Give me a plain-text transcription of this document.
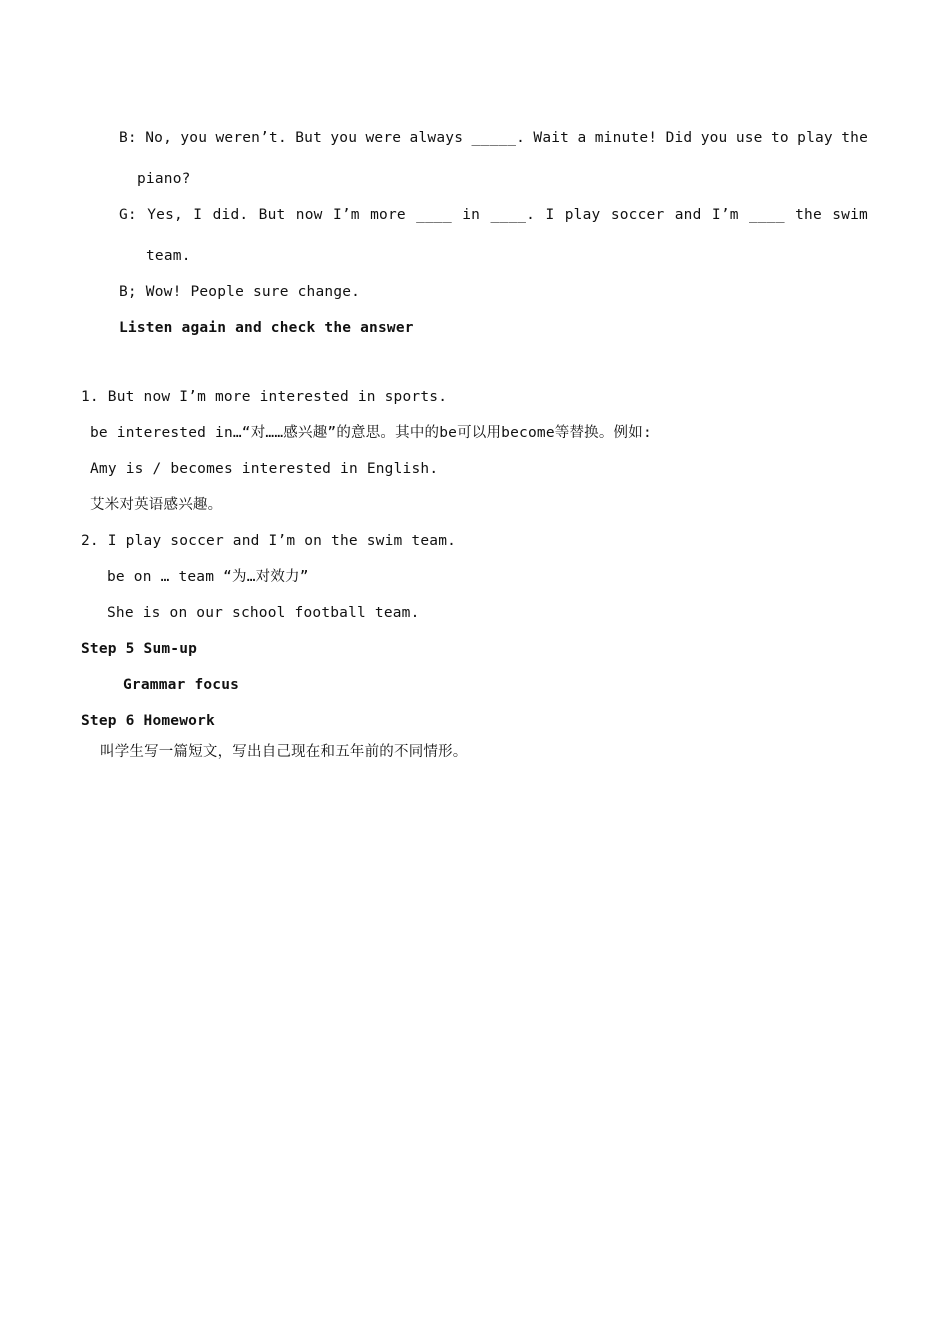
B: No, you weren’t. But you were always _____. Wait a minute! Did you use to play the
piano?
G: Yes, I did. But now I’m more ____ in ____. I play soccer and I’m ____ the swim
team.
B; Wow! People sure change.
Listen again and check the answer
1. But now I’m more interested in sports.
be interested in…“对……感兴趣”的意思。其中的be可以用become等替换。例如:
Amy is / becomes interested in English.
艾米对英语感兴趣。
2. I play soccer and I’m on the swim team.
be on … team “为…对效力”
She is on our school football team.
Step 5 Sum-up
Grammar focus
Step 6 Homework
叫学生写一篇短文，写出自己现在和五年前的不同情形。
